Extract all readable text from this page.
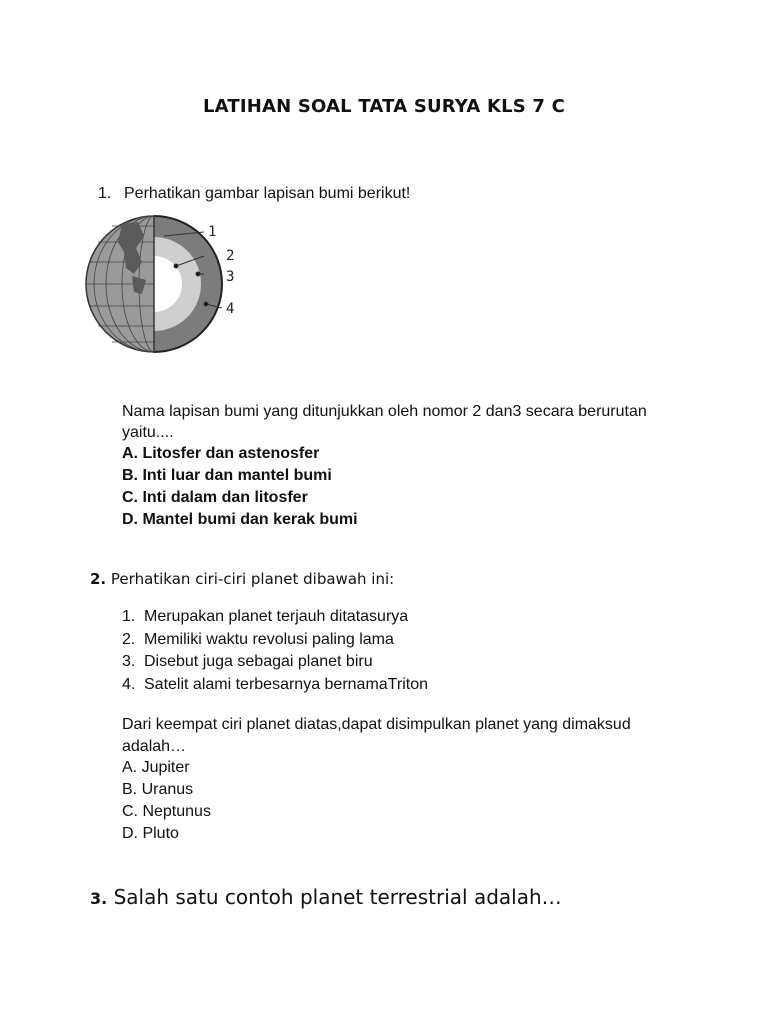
LATIHAN SOAL TATA SURYA KLS 7 C
1. Perhatikan gambar lapisan bumi berikut!
1
2
3
4
Nama lapisan bumi yang ditunjukkan oleh nomor 2 dan3 secara berurutan
yaitu....
A. Litosfer dan astenosfer
B. Inti luar dan mantel bumi
C. Inti dalam dan litosfer
D. Mantel bumi dan kerak bumi
2. Perhatikan ciri-ciri planet dibawah ini:
1. Merupakan planet terjauh ditatasurya
2. Memiliki waktu revolusi paling lama
3. Disebut juga sebagai planet biru
4. Satelit alami terbesarnya bernamaTriton
Dari keempat ciri planet diatas,dapat disimpulkan planet yang dimaksud
adalah…
A. Jupiter
B. Uranus
C. Neptunus
D. Pluto
3. Salah satu contoh planet terrestrial adalah…
